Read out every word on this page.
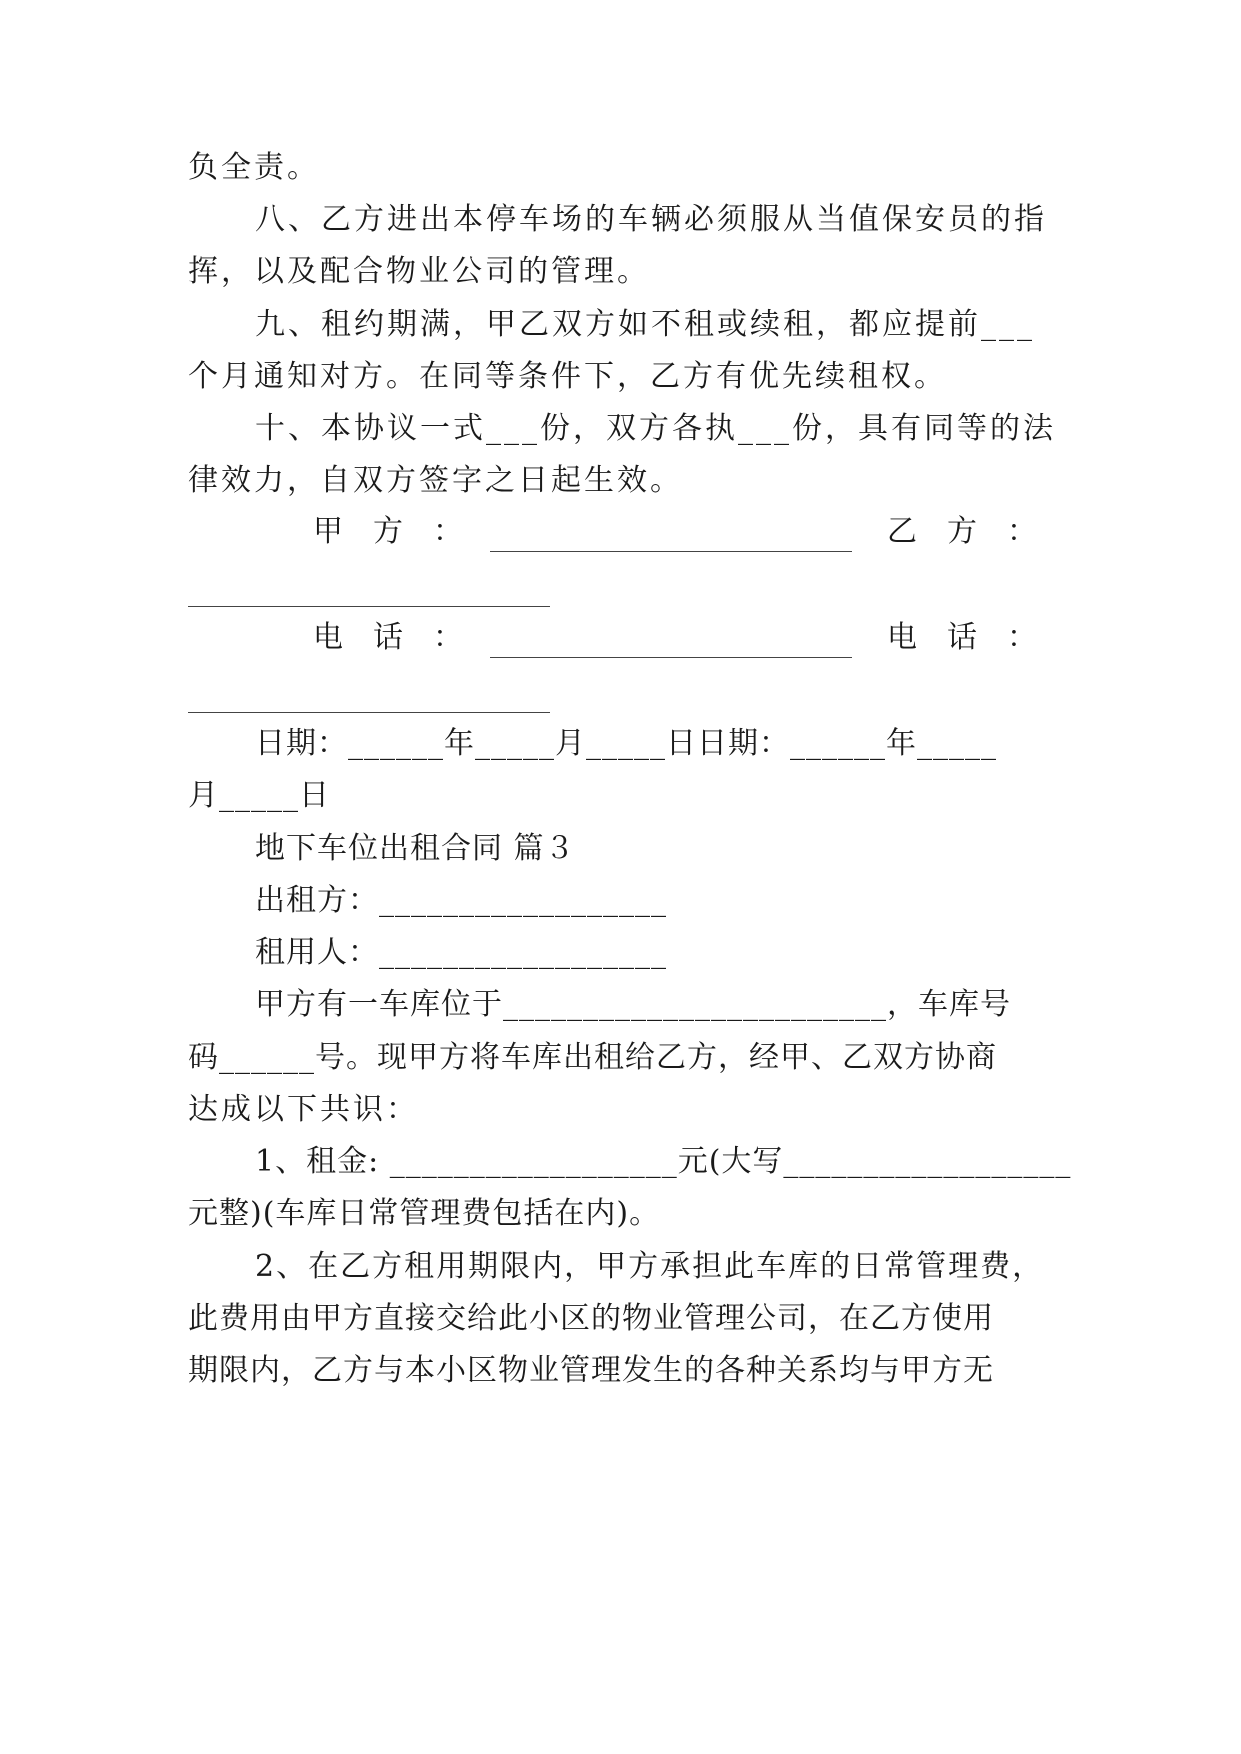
负全责。
八、乙方进出本停车场的车辆必须服从当值保安员的指
挥，以及配合物业公司的管理。
九、租约期满，甲乙双方如不租或续租，都应提前___
个月通知对方。在同等条件下，乙方有优先续租权。
十、本协议一式___份，双方各执___份，具有同等的法
律效力，自双方签字之日起生效。
甲　方　：	乙　方　：
电　话　：	电　话　：
日期：______年_____月_____日日期：______年_____
月_____日
地下车位出租合同 篇３
出租方：__________________
租用人：__________________
甲方有一车库位于________________________，车库号
码______号。现甲方将车库出租给乙方，经甲、乙双方协商
达成以下共识：
1、租金: __________________元(大写__________________
元整)(车库日常管理费包括在内)。
2、在乙方租用期限内，甲方承担此车库的日常管理费，
此费用由甲方直接交给此小区的物业管理公司，在乙方使用
期限内，乙方与本小区物业管理发生的各种关系均与甲方无
